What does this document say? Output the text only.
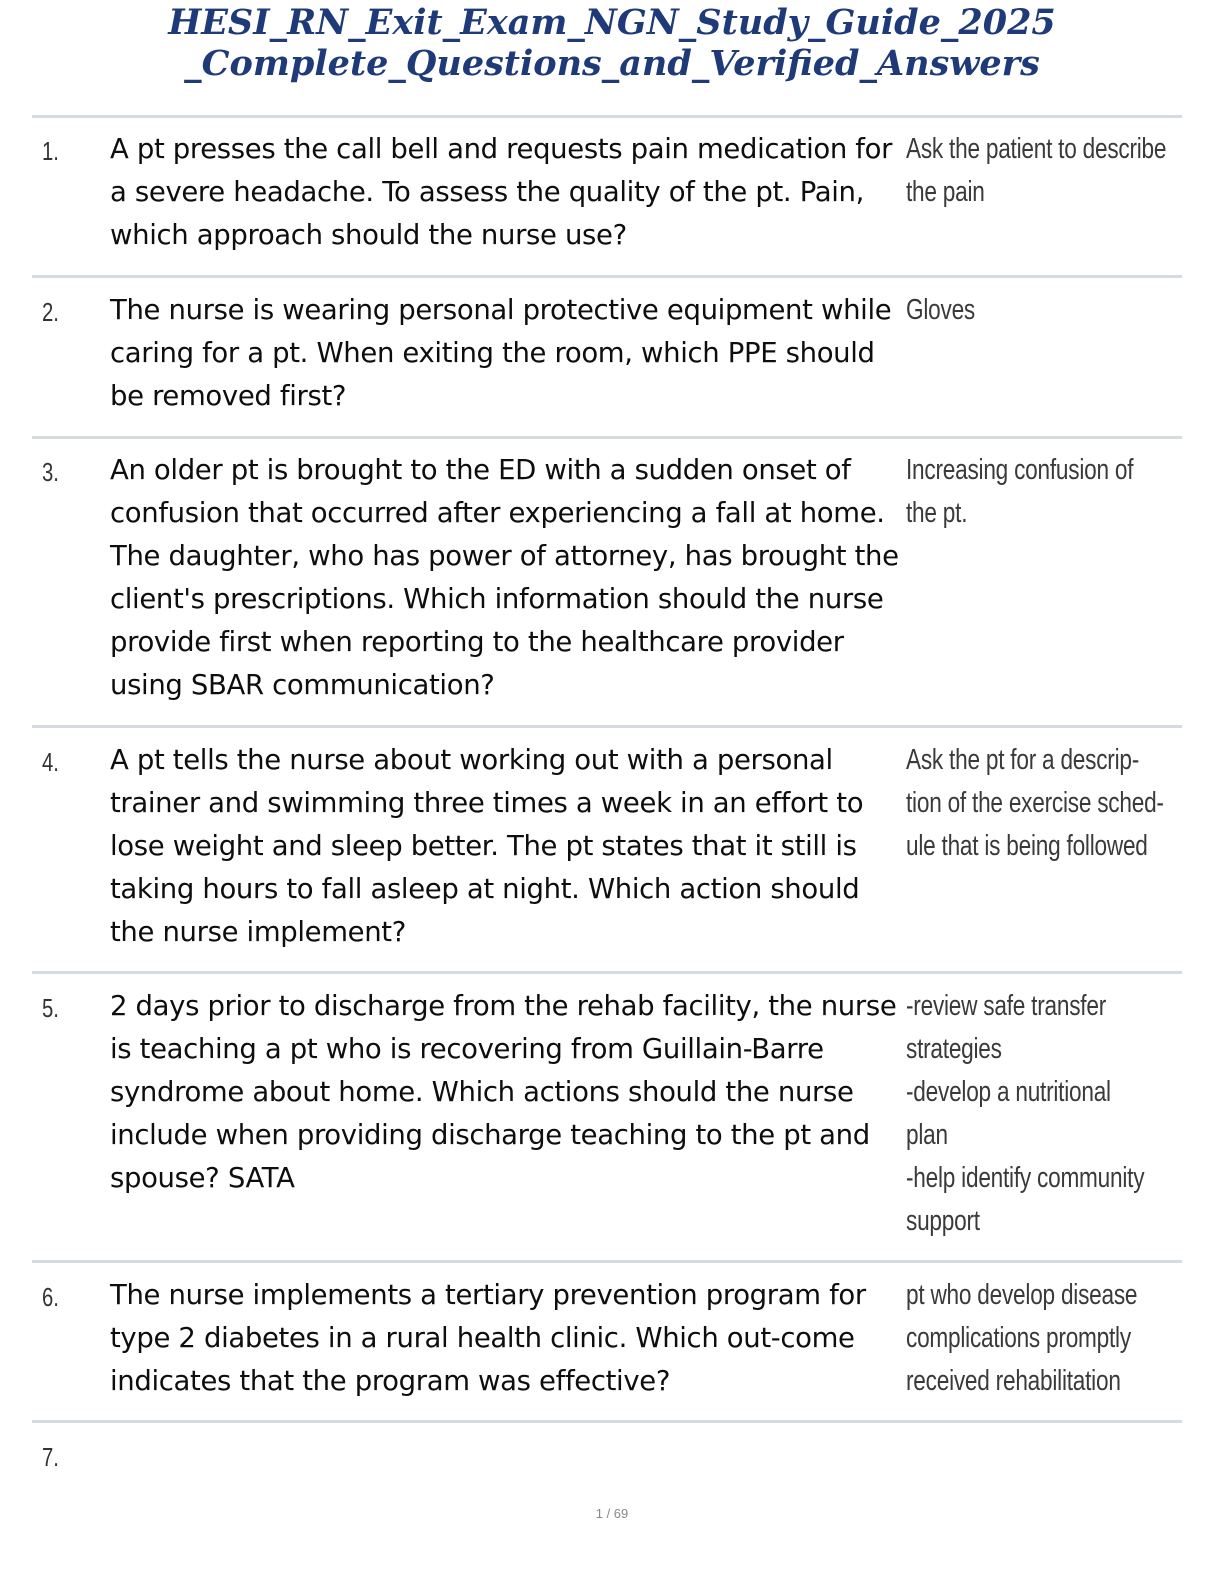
HESI_RN_Exit_Exam_NGN_Study_Guide_2025
_Complete_Questions_and_Verified_Answers
1. A pt presses the call bell and requests pain medication for a severe headache. To assess the quality of the pt. Pain, which approach should the nurse use?
Ask the patient to describe
the pain
2. The nurse is wearing personal protective equipment while caring for a pt. When exiting the room, which PPE should be removed first?
Gloves
3. An older pt is brought to the ED with a sudden onset of confusion that occurred after experiencing a fall at home. The daughter, who has power of attorney, has brought the client's prescriptions. Which information should the nurse provide first when reporting to the healthcare provider using SBAR communication?
Increasing confusion of
the pt.
4. A pt tells the nurse about working out with a personal trainer and swimming three times a week in an effort to lose weight and sleep better. The pt states that it still is taking hours to fall asleep at night. Which action should the nurse implement?
Ask the pt for a descrip-
tion of the exercise sched-
ule that is being followed
5. 2 days prior to discharge from the rehab facility, the nurse is teaching a pt who is recovering from Guillain-Barre syndrome about home. Which actions should the nurse include when providing discharge teaching to the pt and spouse? SATA
-review safe transfer
strategies
-develop a nutritional
plan
-help identify community
support
6. The nurse implements a tertiary prevention program for type 2 diabetes in a rural health clinic. Which out-come indicates that the program was effective?
pt who develop disease
complications promptly
received rehabilitation
7.
1 / 69
